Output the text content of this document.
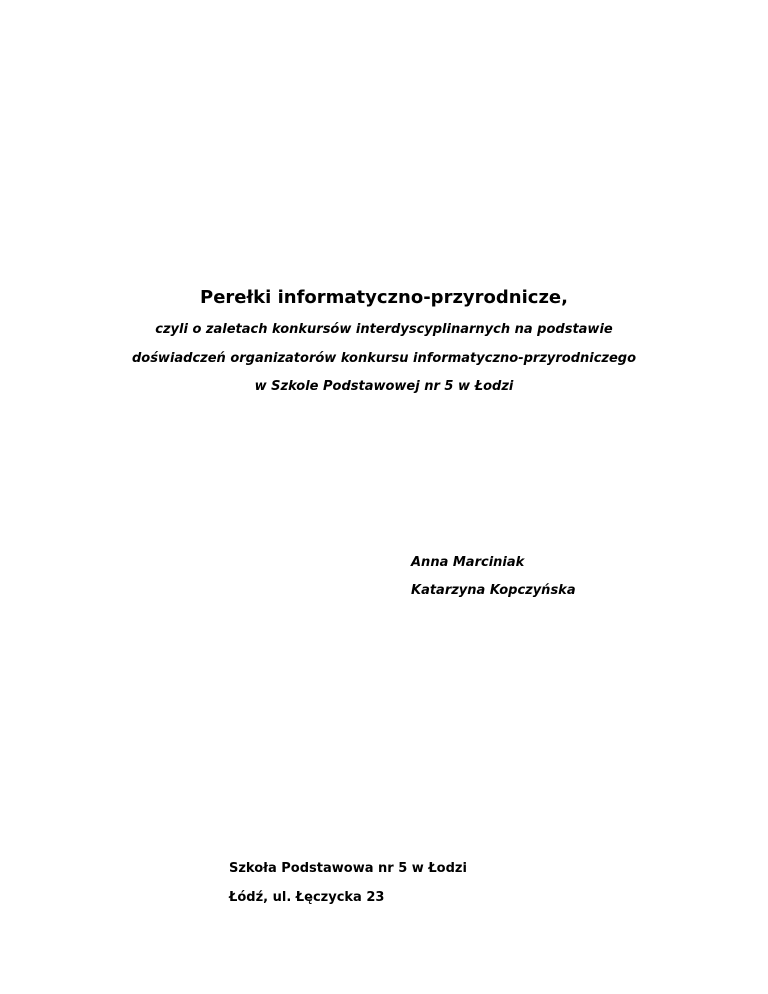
Perełki informatyczno-przyrodnicze,

czyli o zaletach konkursów interdyscyplinarnych na podstawie

doświadczeń organizatorów konkursu informatyczno-przyrodniczego

w Szkole Podstawowej nr 5 w Łodzi

Anna Marciniak

Katarzyna Kopczyńska

Szkoła Podstawowa nr 5 w Łodzi

Łódź, ul. Łęczycka 23
